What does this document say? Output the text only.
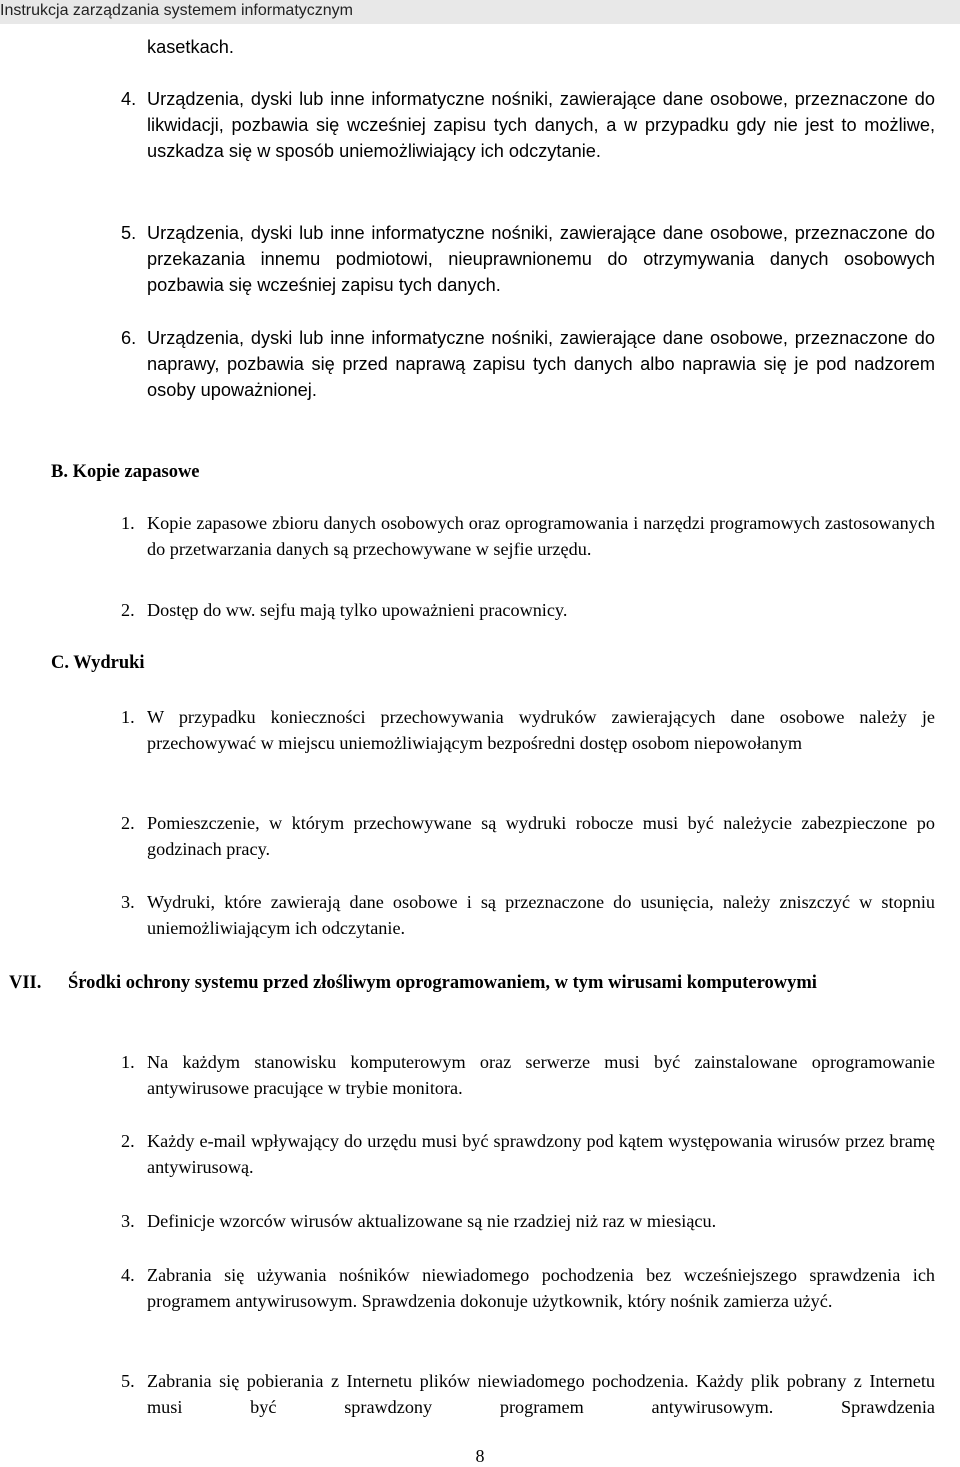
Instrukcja zarządzania systemem informatycznym
kasetkach.
4. Urządzenia, dyski lub inne informatyczne nośniki, zawierające dane osobowe, przeznaczone do likwidacji, pozbawia się wcześniej zapisu tych danych, a w przypadku gdy nie jest to możliwe, uszkadza się w sposób uniemożliwiający ich odczytanie.
5. Urządzenia, dyski lub inne informatyczne nośniki, zawierające dane osobowe, przeznaczone do przekazania innemu podmiotowi, nieuprawnionemu do otrzymywania danych osobowych pozbawia się wcześniej zapisu tych danych.
6. Urządzenia, dyski lub inne informatyczne nośniki, zawierające dane osobowe, przeznaczone do naprawy, pozbawia się przed naprawą zapisu tych danych albo naprawia się je pod nadzorem osoby upoważnionej.
B. Kopie zapasowe
1. Kopie zapasowe zbioru danych osobowych oraz oprogramowania i narzędzi programowych zastosowanych do przetwarzania danych są przechowywane w sejfie urzędu.
2. Dostęp do ww. sejfu mają tylko upoważnieni pracownicy.
C. Wydruki
1. W przypadku konieczności przechowywania wydruków zawierających dane osobowe należy je przechowywać w miejscu uniemożliwiającym bezpośredni dostęp osobom niepowołanym
2. Pomieszczenie, w którym przechowywane są wydruki robocze musi być należycie zabezpieczone po godzinach pracy.
3. Wydruki, które zawierają dane osobowe i są przeznaczone do usunięcia, należy zniszczyć w stopniu uniemożliwiającym ich odczytanie.
VII. Środki ochrony systemu przed złośliwym oprogramowaniem, w tym wirusami komputerowymi
1. Na każdym stanowisku komputerowym oraz serwerze musi być zainstalowane oprogramowanie antywirusowe pracujące w trybie monitora.
2. Każdy e-mail wpływający do urzędu musi być sprawdzony pod kątem występowania wirusów przez bramę antywirusową.
3. Definicje wzorców wirusów aktualizowane są nie rzadziej niż raz w miesiącu.
4. Zabrania się używania nośników niewiadomego pochodzenia bez wcześniejszego sprawdzenia ich programem antywirusowym. Sprawdzenia dokonuje użytkownik, który nośnik zamierza użyć.
5. Zabrania się pobierania z Internetu plików niewiadomego pochodzenia. Każdy plik pobrany z Internetu musi być sprawdzony programem antywirusowym. Sprawdzenia
8
